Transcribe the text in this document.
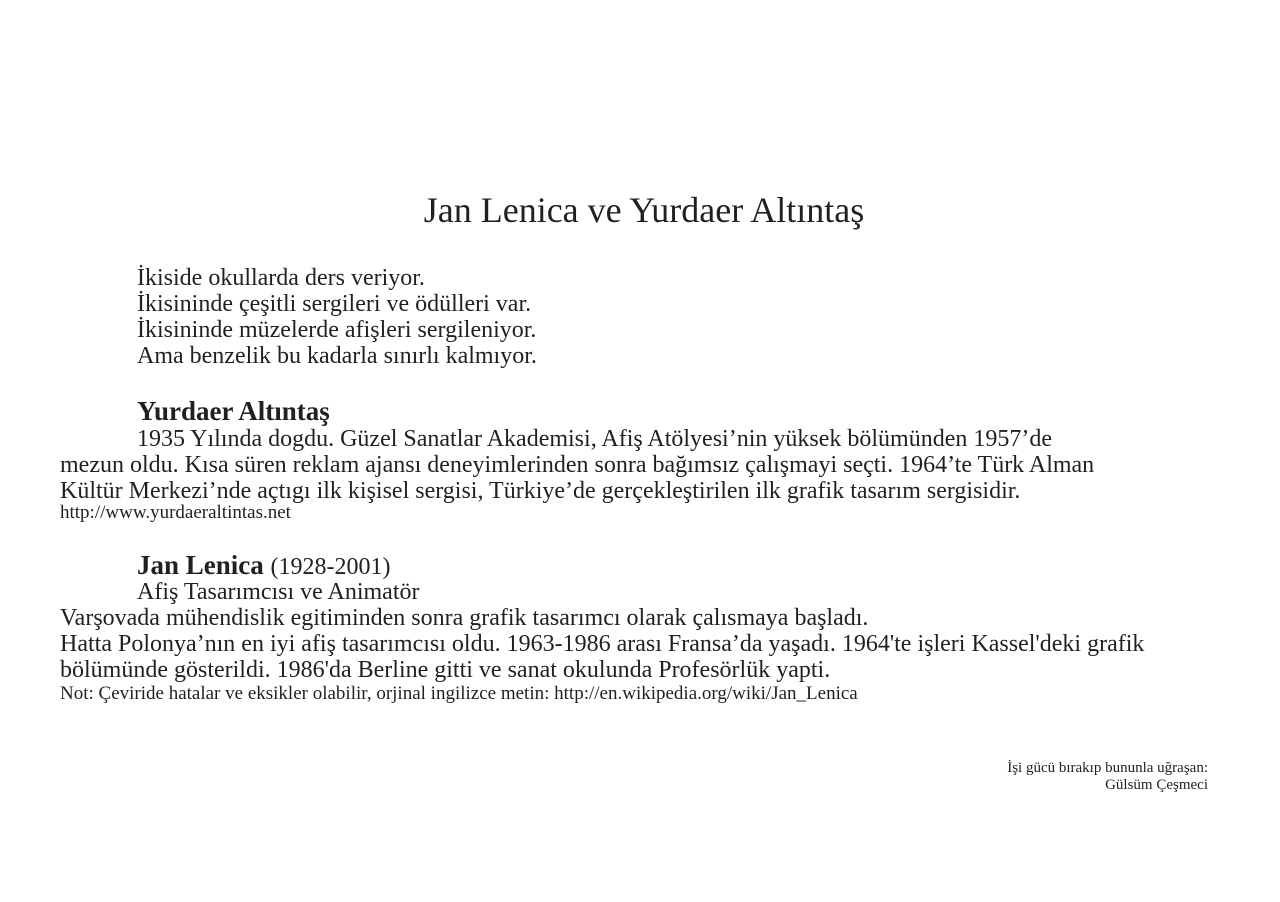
Jan Lenica ve Yurdaer Altıntaş
İkiside okullarda ders veriyor.
İkisininde çeşitli sergileri ve ödülleri var.
İkisininde müzelerde afişleri sergileniyor.
Ama benzelik bu kadarla sınırlı kalmıyor.
Yurdaer Altıntaş
1935 Yılında dogdu. Güzel Sanatlar Akademisi, Afiş Atölyesi’nin yüksek bölümünden 1957’de
mezun oldu. Kısa süren reklam ajansı deneyimlerinden sonra bağımsız çalışmayi seçti. 1964’te Türk Alman
Kültür Merkezi’nde açtıgı ilk kişisel sergisi, Türkiye’de gerçekleştirilen ilk grafik tasarım sergisidir.
http://www.yurdaeraltintas.net
Jan Lenica (1928-2001)
Afiş Tasarımcısı ve Animatör
Varşovada mühendislik egitiminden sonra grafik tasarımcı olarak çalısmaya başladı.
Hatta Polonya’nın en iyi afiş tasarımcısı oldu. 1963-1986 arası Fransa’da yaşadı. 1964'te işleri Kassel'deki grafik
bölümünde gösterildi. 1986'da Berline gitti ve sanat okulunda Profesörlük yapti.
Not: Çeviride hatalar ve eksikler olabilir, orjinal ingilizce metin: http://en.wikipedia.org/wiki/Jan_Lenica
İşi gücü bırakıp bununla uğraşan:
Gülsüm Çeşmeci
